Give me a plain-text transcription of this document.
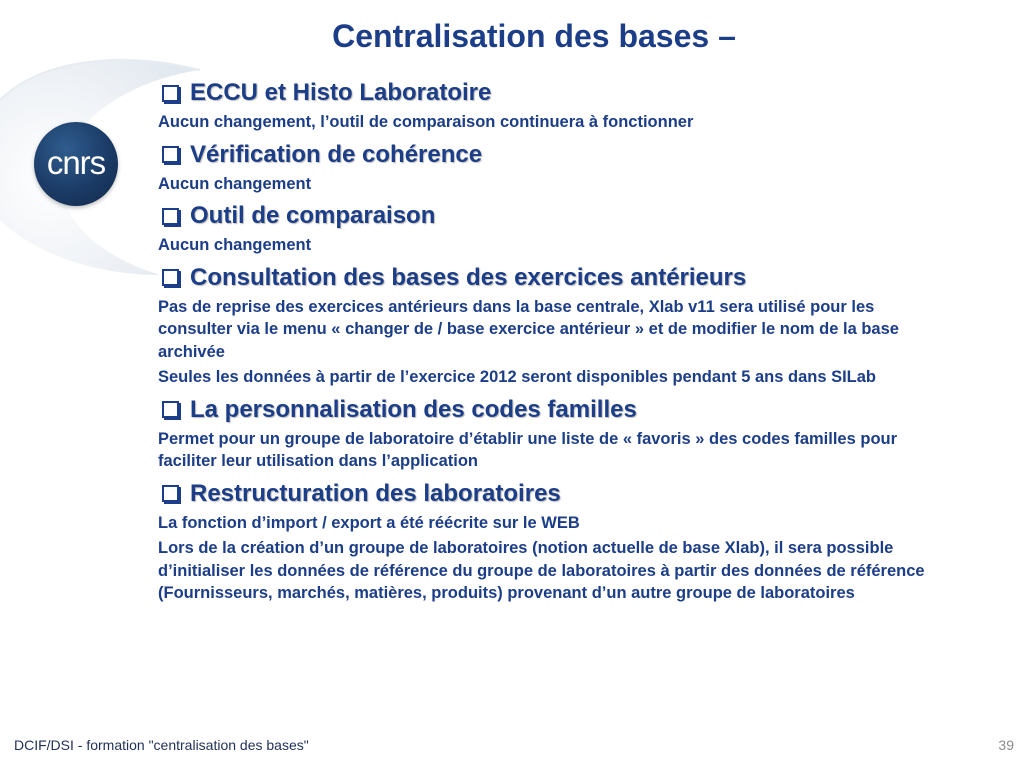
cnrs
Centralisation des bases –
ECCU et Histo Laboratoire
Aucun changement, l’outil de comparaison continuera à fonctionner
Vérification de cohérence
Aucun changement
Outil de comparaison
Aucun changement
Consultation des bases des exercices antérieurs
Pas de reprise des exercices antérieurs dans la base centrale, Xlab v11 sera utilisé pour les consulter via le menu « changer de / base exercice antérieur » et de modifier le nom de la base archivée
Seules les données à partir de l’exercice 2012 seront disponibles pendant 5 ans dans SILab
La personnalisation des codes familles
Permet pour un groupe de laboratoire d’établir une liste de « favoris » des codes familles pour faciliter leur utilisation dans l’application
Restructuration des laboratoires
La fonction d’import / export a été réécrite sur le WEB
Lors de la création d’un groupe de laboratoires (notion actuelle de base Xlab), il sera possible d’initialiser les données de référence du groupe de laboratoires à partir des données de référence (Fournisseurs, marchés, matières, produits) provenant d’un autre groupe de laboratoires
DCIF/DSI - formation "centralisation des bases"	39
